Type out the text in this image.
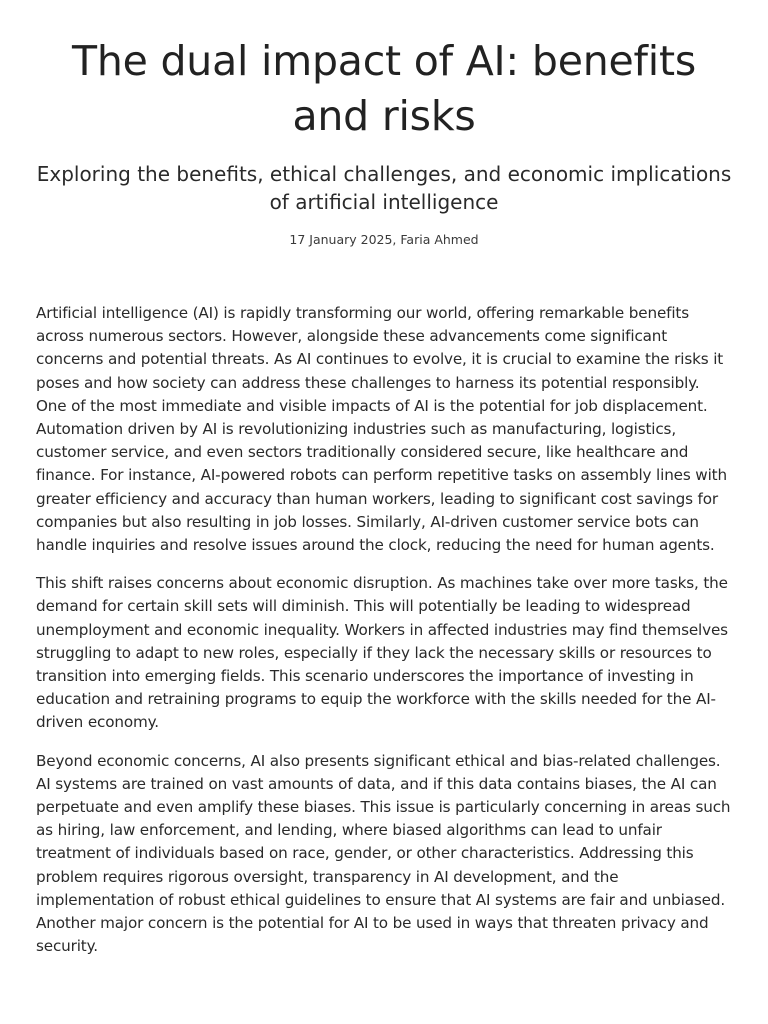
The dual impact of AI: benefits and risks
Exploring the benefits, ethical challenges, and economic implications of artificial intelligence
17 January 2025, Faria Ahmed

Artificial intelligence (AI) is rapidly transforming our world, offering remarkable benefits across numerous sectors. However, alongside these advancements come significant concerns and potential threats. As AI continues to evolve, it is crucial to examine the risks it poses and how society can address these challenges to harness its potential responsibly. One of the most immediate and visible impacts of AI is the potential for job displacement. Automation driven by AI is revolutionizing industries such as manufacturing, logistics, customer service, and even sectors traditionally considered secure, like healthcare and finance. For instance, AI-powered robots can perform repetitive tasks on assembly lines with greater efficiency and accuracy than human workers, leading to significant cost savings for companies but also resulting in job losses. Similarly, AI-driven customer service bots can handle inquiries and resolve issues around the clock, reducing the need for human agents.

This shift raises concerns about economic disruption. As machines take over more tasks, the demand for certain skill sets will diminish. This will potentially be leading to widespread unemployment and economic inequality. Workers in affected industries may find themselves struggling to adapt to new roles, especially if they lack the necessary skills or resources to transition into emerging fields. This scenario underscores the importance of investing in education and retraining programs to equip the workforce with the skills needed for the AI-driven economy.

Beyond economic concerns, AI also presents significant ethical and bias-related challenges. AI systems are trained on vast amounts of data, and if this data contains biases, the AI can perpetuate and even amplify these biases. This issue is particularly concerning in areas such as hiring, law enforcement, and lending, where biased algorithms can lead to unfair treatment of individuals based on race, gender, or other characteristics. Addressing this problem requires rigorous oversight, transparency in AI development, and the implementation of robust ethical guidelines to ensure that AI systems are fair and unbiased. Another major concern is the potential for AI to be used in ways that threaten privacy and security.
